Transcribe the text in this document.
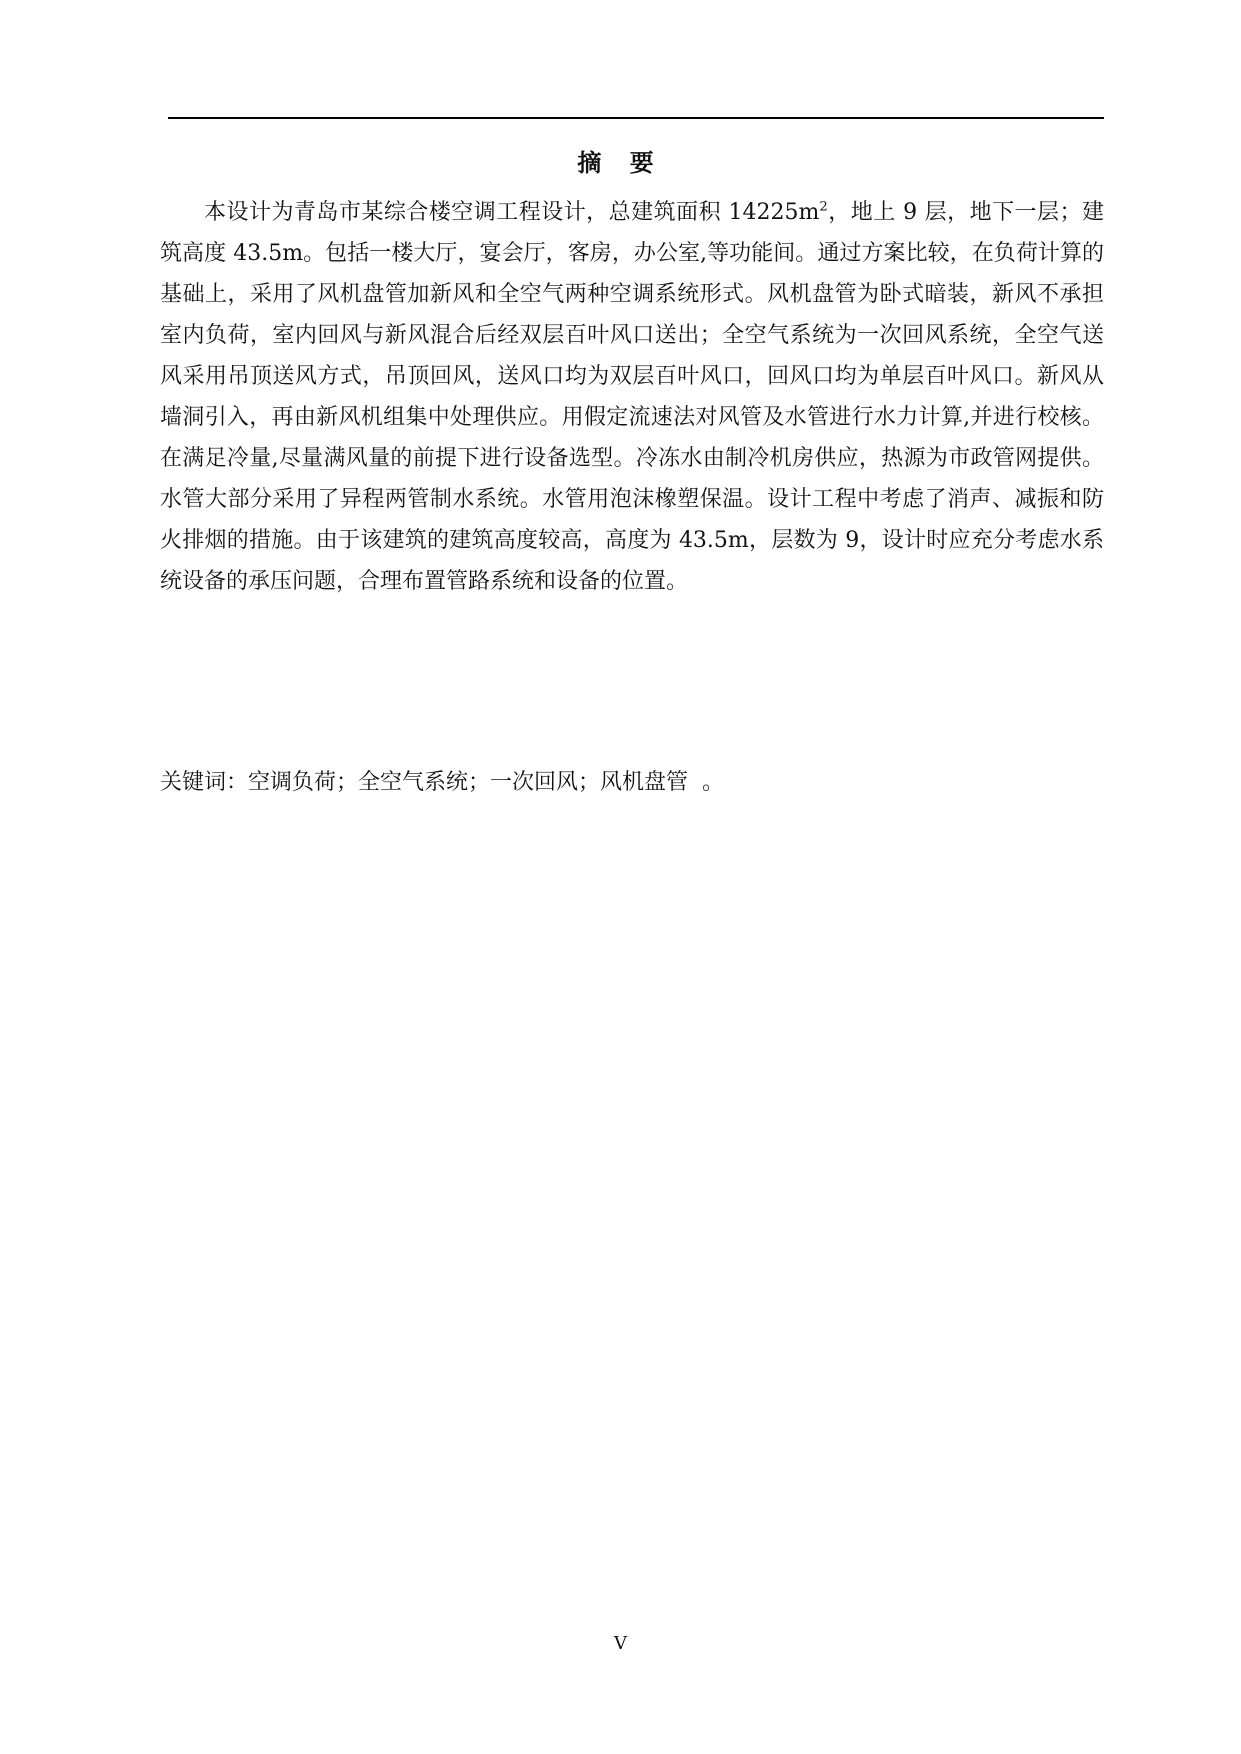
摘 要

本设计为青岛市某综合楼空调工程设计，总建筑面积 $14225m^2$，地上 9 层，地下一层；建筑高度 43.5m。包括一楼大厅，宴会厅，客房，办公室,等功能间。通过方案比较，在负荷计算的基础上，采用了风机盘管加新风和全空气两种空调系统形式。风机盘管为卧式暗装，新风不承担室内负荷，室内回风与新风混合后经双层百叶风口送出；全空气系统为一次回风系统，全空气送风采用吊顶送风方式，吊顶回风，送风口均为双层百叶风口，回风口均为单层百叶风口。新风从墙洞引入，再由新风机组集中处理供应。用假定流速法对风管及水管进行水力计算,并进行校核。在满足冷量,尽量满风量的前提下进行设备选型。冷冻水由制冷机房供应，热源为市政管网提供。水管大部分采用了异程两管制水系统。水管用泡沫橡塑保温。设计工程中考虑了消声、减振和防火排烟的措施。由于该建筑的建筑高度较高，高度为 43.5m，层数为 9，设计时应充分考虑水系统设备的承压问题，合理布置管路系统和设备的位置。

关键词：空调负荷；全空气系统；一次回风；风机盘管  。

V
